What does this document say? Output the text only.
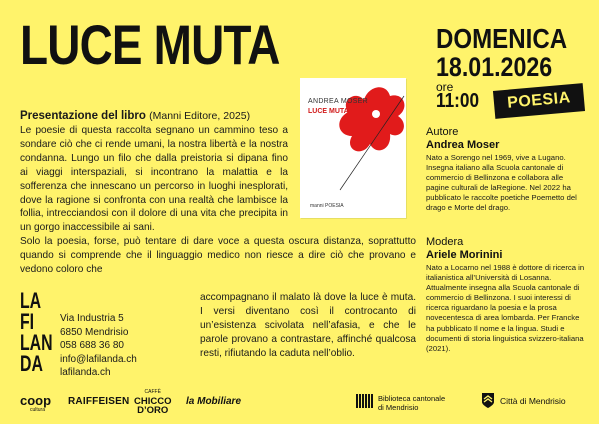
LUCE MUTA	DOMENICA
18.01.2026
ore
11:00	POESIA
ANDREA MOSER
LUCE MUTA
manni POESIA
Presentazione del libro (Manni Editore, 2025)
Le poesie di questa raccolta segnano un cammino teso a sondare ciò che ci rende umani, la nostra libertà e la nostra condanna. Lungo un filo che dalla preistoria si dipana fino ai viaggi interspaziali, si incontrano la malattia e la sofferenza che innescano un percorso in luoghi inesplorati, dove la ragione si confronta con una realtà che lambisce la follia, intrecciandosi con il dolore di una vita che precipita in un gorgo inaccessibile ai sani.
Solo la poesia, forse, può tentare di dare voce a questa oscura distanza, soprattutto quando si comprende che il linguaggio medico non riesce a dire ciò che provano e vedono coloro che
accompagnano il malato là dove la luce è muta. I versi diventano così il controcanto di un’esistenza scivolata nell’afasia, e che le parole provano a contrastare, affinché qualcosa resti, rifiutando la caduta nell’oblio.
Autore
Andrea Moser
Nato a Sorengo nel 1969, vive a Lugano. Insegna italiano alla Scuola cantonale di commercio di Bellinzona e collabora alle pagine culturali de laRegione. Nel 2022 ha pubblicato le raccolte poetiche Poemetto del drago e Morte del drago.
Modera
Ariele Morinini
Nato a Locarno nel 1988 è dottore di ricerca in italianistica all’Università di Losanna. Attualmente insegna alla Scuola cantonale di commercio di Bellinzona. I suoi interessi di ricerca riguardano la poesia e la prosa novecentesca di area lombarda. Per Francke ha pubblicato Il nome e la lingua. Studi e documenti di storia linguistica svizzero-italiana (2021).
LA
FI
LAN
DA
Via Industria 5
6850 Mendrisio
058 688 36 80
info@lafilanda.ch
lafilanda.ch
coop
cultura
RAIFFEISEN
CAFFÈ
CHICCO
D’ORO
la Mobiliare	Biblioteca cantonale
di Mendrisio
Città di Mendrisio
